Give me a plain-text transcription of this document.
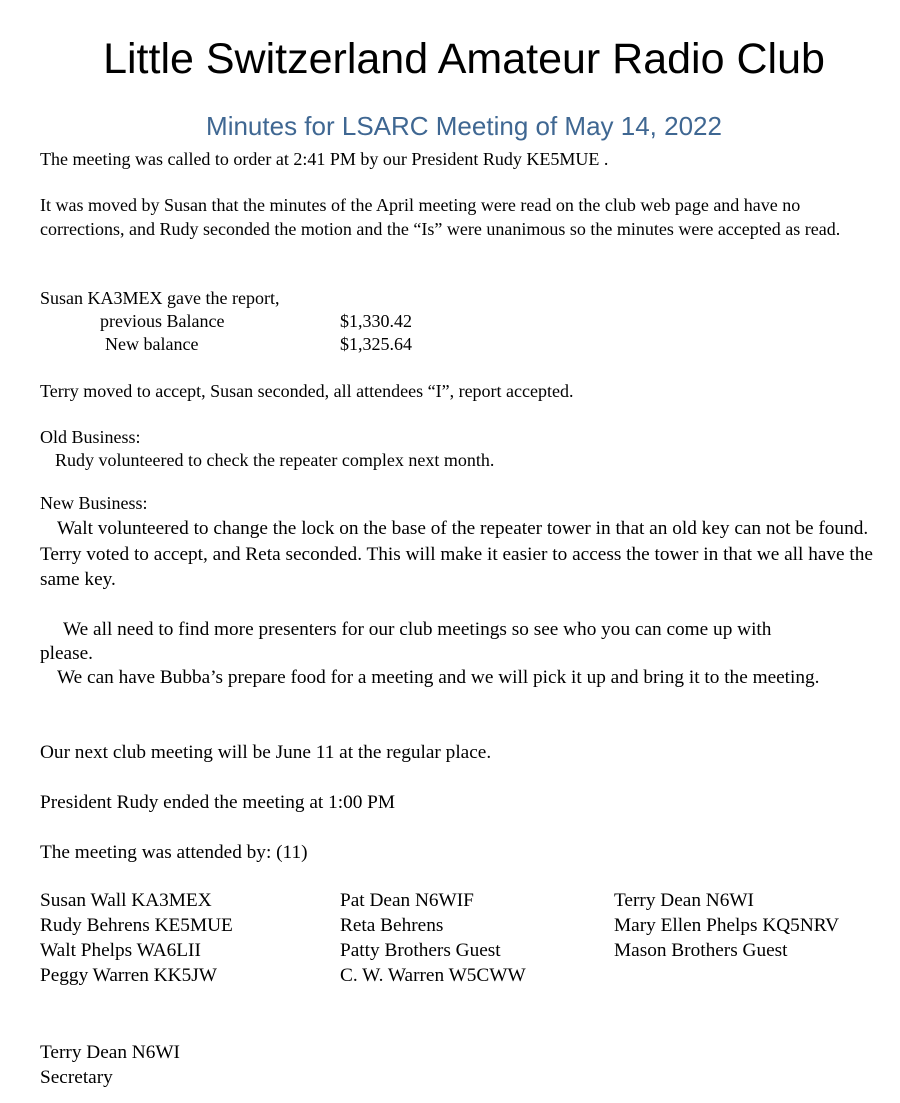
Little Switzerland Amateur Radio Club
Minutes for LSARC Meeting of May 14, 2022
The meeting was called to order at 2:41 PM by our President Rudy KE5MUE .
It was moved by Susan that the minutes of the April meeting were read on the club web page and have no corrections, and Rudy seconded the motion and the “Is” were unanimous so the minutes were accepted as read.
Susan KA3MEX gave the report,
previous Balance	$1,330.42
New balance	$1,325.64
Terry moved to accept, Susan seconded, all attendees “I”, report accepted.
Old Business:
Rudy volunteered to check the repeater complex next month.
New Business:
Walt volunteered to change the lock on the base of the repeater tower in that an old key can not be found. Terry voted to accept, and Reta seconded. This will make it easier to access the tower in that we all have the same key.
We all need to find more presenters for our club meetings so see who you can come up with
please.
We can have Bubba’s prepare food for a meeting and we will pick it up and bring it to the meeting.
Our next club meeting will be June 11 at the regular place.
President Rudy ended the meeting at 1:00 PM
The meeting was attended by: (11)
Susan Wall KA3MEX
Rudy Behrens KE5MUE
Walt Phelps WA6LII
Peggy Warren KK5JW
Pat Dean N6WIF
Reta Behrens
Patty Brothers Guest
C. W. Warren W5CWW
Terry Dean N6WI
Mary Ellen Phelps KQ5NRV
Mason Brothers Guest
Terry Dean N6WI
Secretary
